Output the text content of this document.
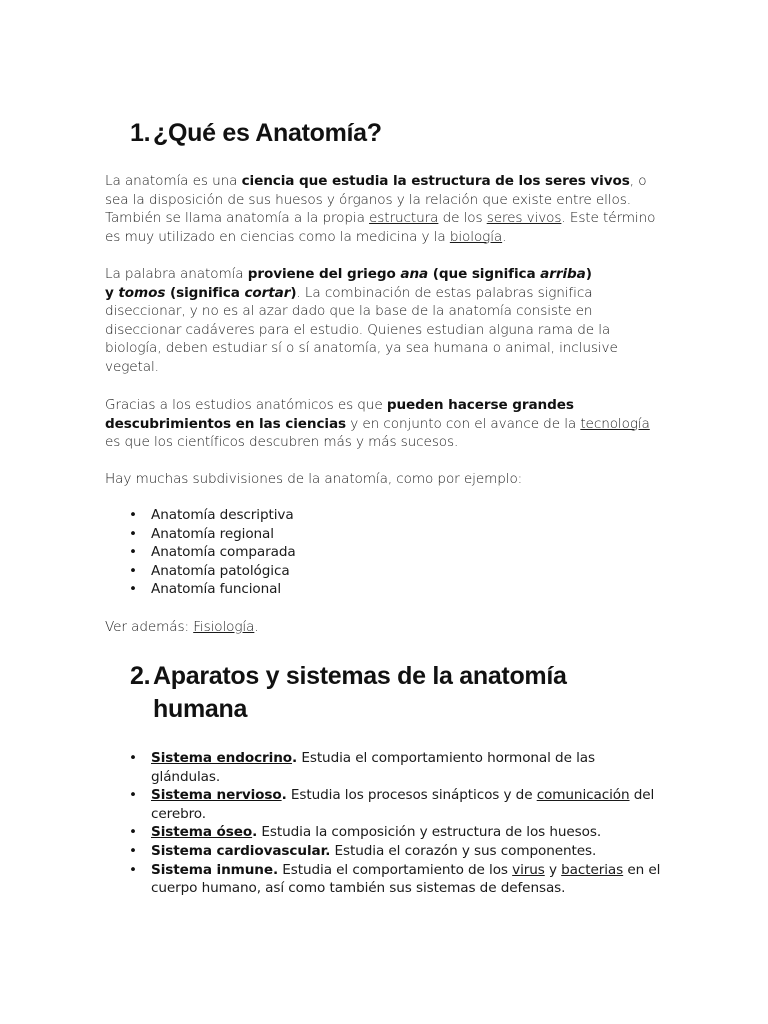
1. ¿Qué es Anatomía?

La anatomía es una ciencia que estudia la estructura de los seres vivos, o sea la disposición de sus huesos y órganos y la relación que existe entre ellos. También se llama anatomía a la propia estructura de los seres vivos. Este término es muy utilizado en ciencias como la medicina y la biología.

La palabra anatomía proviene del griego ana (que significa arriba)
y tomos (significa cortar). La combinación de estas palabras significa diseccionar, y no es al azar dado que la base de la anatomía consiste en diseccionar cadáveres para el estudio. Quienes estudian alguna rama de la biología, deben estudiar sí o sí anatomía, ya sea humana o animal, inclusive vegetal.

Gracias a los estudios anatómicos es que pueden hacerse grandes descubrimientos en las ciencias y en conjunto con el avance de la tecnología es que los científicos descubren más y más sucesos.

Hay muchas subdivisiones de la anatomía, como por ejemplo:

• Anatomía descriptiva
• Anatomía regional
• Anatomía comparada
• Anatomía patológica
• Anatomía funcional

Ver además: Fisiología.

2. Aparatos y sistemas de la anatomía
humana
• Sistema endocrino. Estudia el comportamiento hormonal de las glándulas.
• Sistema nervioso. Estudia los procesos sinápticos y de comunicación del cerebro.
• Sistema óseo. Estudia la composición y estructura de los huesos.
• Sistema cardiovascular. Estudia el corazón y sus componentes.
• Sistema inmune. Estudia el comportamiento de los virus y bacterias en el cuerpo humano, así como también sus sistemas de defensas.
